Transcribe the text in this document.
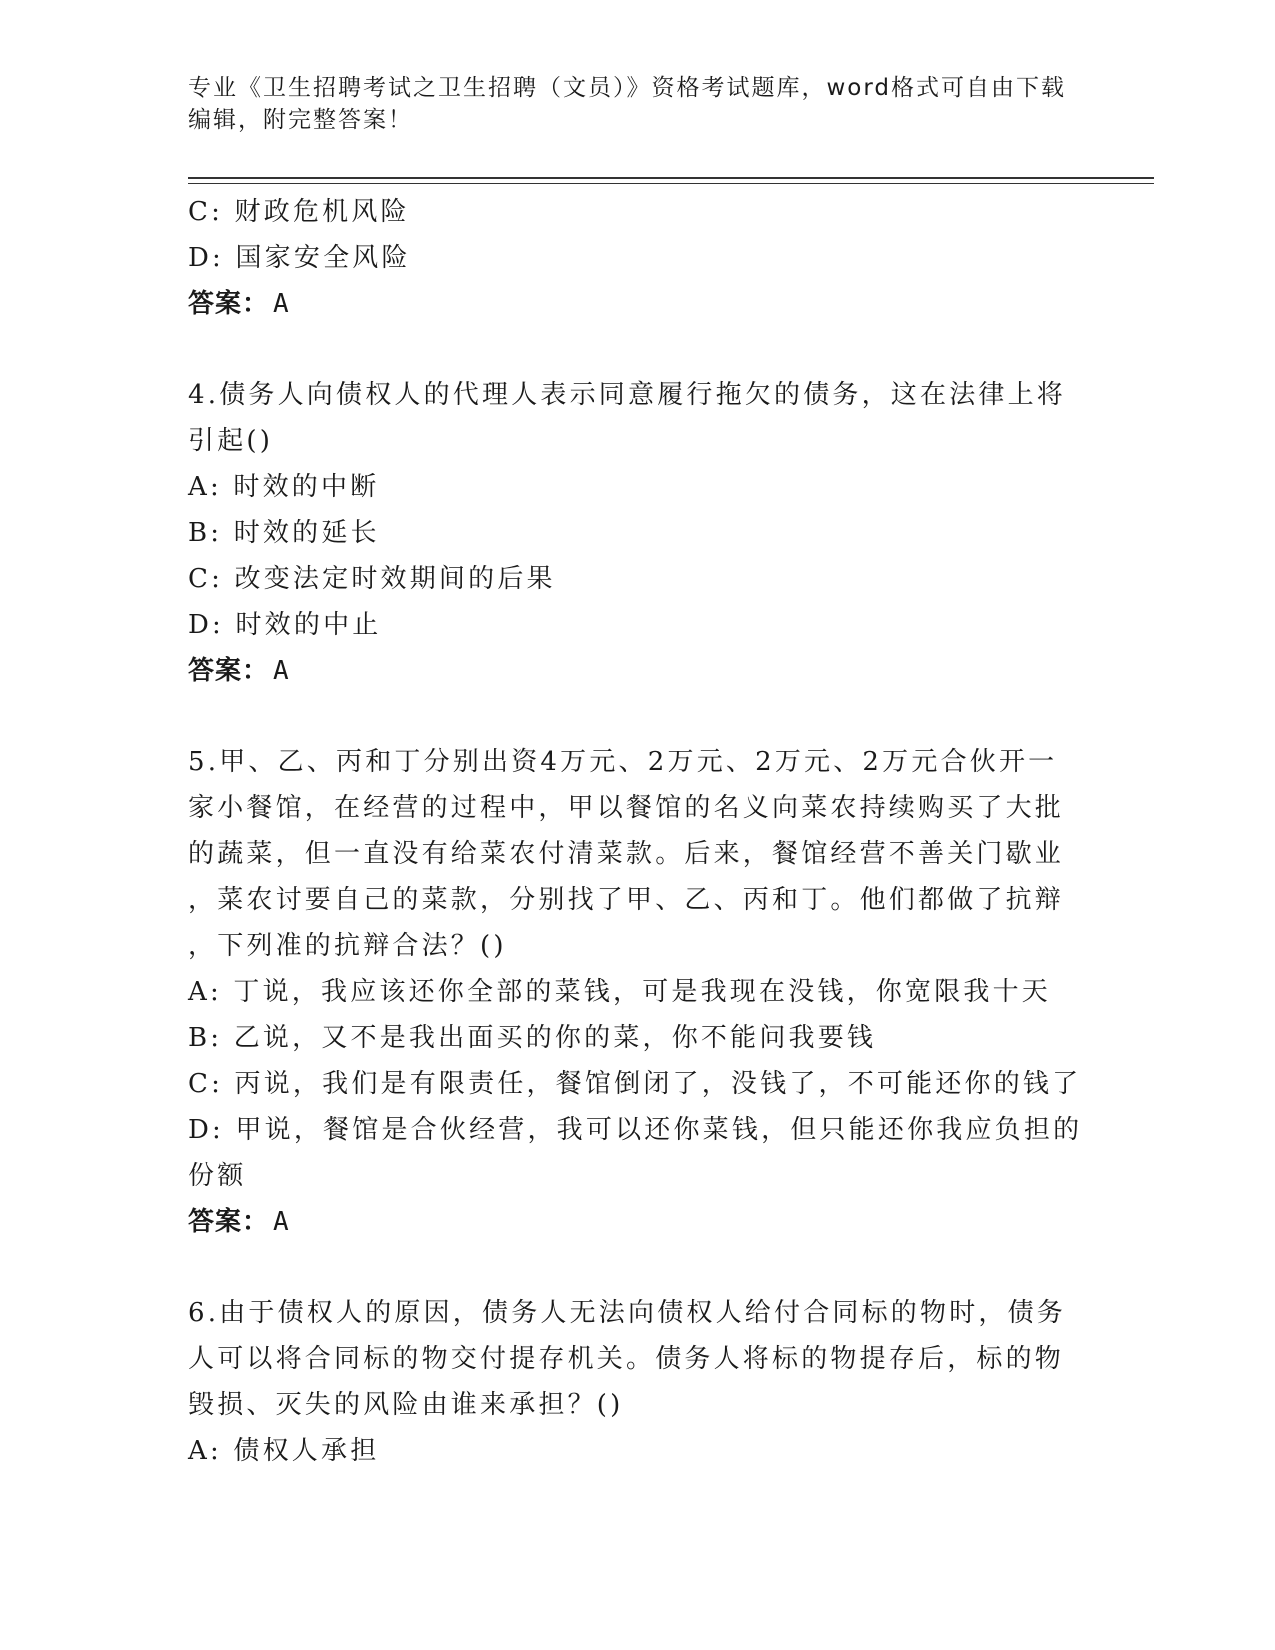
专业《卫生招聘考试之卫生招聘（文员）》资格考试题库，word格式可自由下载
编辑，附完整答案！
C: 财政危机风险
D: 国家安全风险
答案： A
4.债务人向债权人的代理人表示同意履行拖欠的债务，这在法律上将
引起()
A: 时效的中断
B: 时效的延长
C: 改变法定时效期间的后果
D: 时效的中止
答案： A
5.甲、乙、丙和丁分别出资4万元、2万元、2万元、2万元合伙开一
家小餐馆，在经营的过程中，甲以餐馆的名义向菜农持续购买了大批
的蔬菜，但一直没有给菜农付清菜款。后来，餐馆经营不善关门歇业
，菜农讨要自己的菜款，分别找了甲、乙、丙和丁。他们都做了抗辩
，下列准的抗辩合法？()
A: 丁说，我应该还你全部的菜钱，可是我现在没钱，你宽限我十天
B: 乙说，又不是我出面买的你的菜，你不能问我要钱
C: 丙说，我们是有限责任，餐馆倒闭了，没钱了，不可能还你的钱了
D: 甲说，餐馆是合伙经营，我可以还你菜钱，但只能还你我应负担的
份额
答案： A
6.由于债权人的原因，债务人无法向债权人给付合同标的物时，债务
人可以将合同标的物交付提存机关。债务人将标的物提存后，标的物
毁损、灭失的风险由谁来承担？()
A: 债权人承担
